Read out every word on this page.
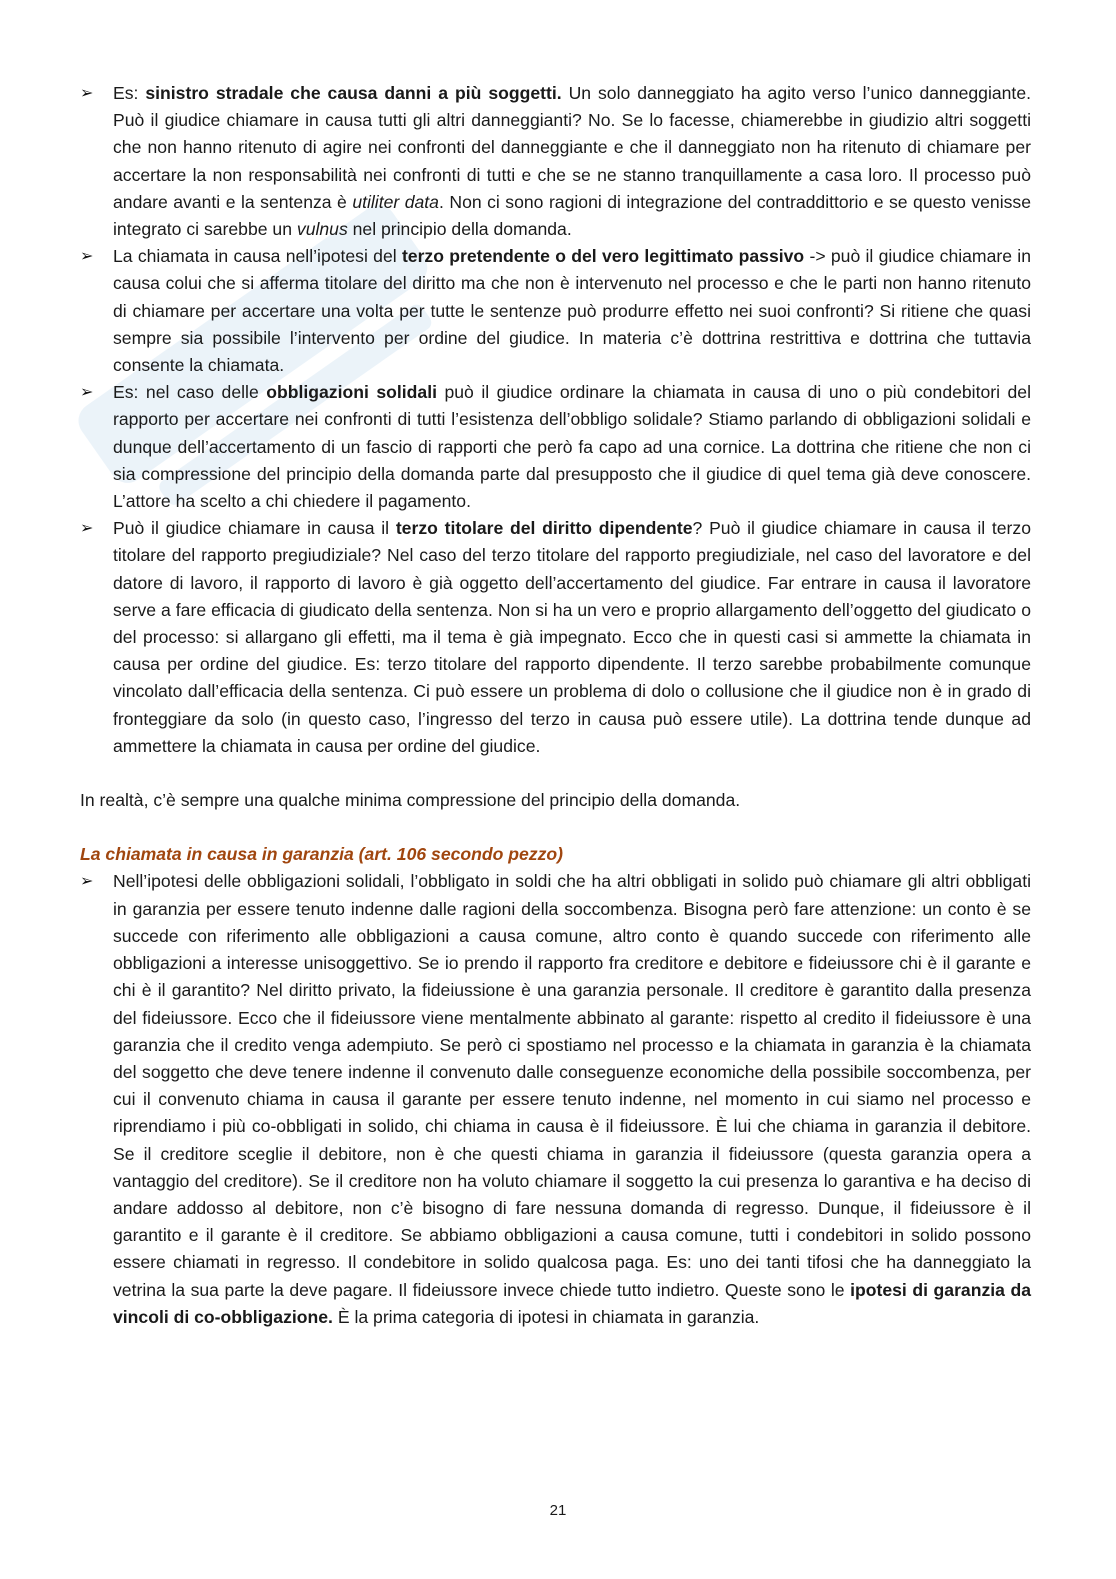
➢ Es: sinistro stradale che causa danni a più soggetti. Un solo danneggiato ha agito verso l’unico danneggiante. Può il giudice chiamare in causa tutti gli altri danneggianti? No. Se lo facesse, chiamerebbe in giudizio altri soggetti che non hanno ritenuto di agire nei confronti del danneggiante e che il danneggiato non ha ritenuto di chiamare per accertare la non responsabilità nei confronti di tutti e che se ne stanno tranquillamente a casa loro. Il processo può andare avanti e la sentenza è utiliter data. Non ci sono ragioni di integrazione del contraddittorio e se questo venisse integrato ci sarebbe un vulnus nel principio della domanda.
➢ La chiamata in causa nell’ipotesi del terzo pretendente o del vero legittimato passivo -> può il giudice chiamare in causa colui che si afferma titolare del diritto ma che non è intervenuto nel processo e che le parti non hanno ritenuto di chiamare per accertare una volta per tutte le sentenze può produrre effetto nei suoi confronti? Si ritiene che quasi sempre sia possibile l’intervento per ordine del giudice. In materia c’è dottrina restrittiva e dottrina che tuttavia consente la chiamata.
➢ Es: nel caso delle obbligazioni solidali può il giudice ordinare la chiamata in causa di uno o più condebitori del rapporto per accertare nei confronti di tutti l’esistenza dell’obbligo solidale? Stiamo parlando di obbligazioni solidali e dunque dell’accertamento di un fascio di rapporti che però fa capo ad una cornice. La dottrina che ritiene che non ci sia compressione del principio della domanda parte dal presupposto che il giudice di quel tema già deve conoscere. L’attore ha scelto a chi chiedere il pagamento.
➢ Può il giudice chiamare in causa il terzo titolare del diritto dipendente? Può il giudice chiamare in causa il terzo titolare del rapporto pregiudiziale? Nel caso del terzo titolare del rapporto pregiudiziale, nel caso del lavoratore e del datore di lavoro, il rapporto di lavoro è già oggetto dell’accertamento del giudice. Far entrare in causa il lavoratore serve a fare efficacia di giudicato della sentenza. Non si ha un vero e proprio allargamento dell’oggetto del giudicato o del processo: si allargano gli effetti, ma il tema è già impegnato. Ecco che in questi casi si ammette la chiamata in causa per ordine del giudice. Es: terzo titolare del rapporto dipendente. Il terzo sarebbe probabilmente comunque vincolato dall’efficacia della sentenza. Ci può essere un problema di dolo o collusione che il giudice non è in grado di fronteggiare da solo (in questo caso, l’ingresso del terzo in causa può essere utile). La dottrina tende dunque ad ammettere la chiamata in causa per ordine del giudice.
In realtà, c’è sempre una qualche minima compressione del principio della domanda.
La chiamata in causa in garanzia (art. 106 secondo pezzo)
➢ Nell’ipotesi delle obbligazioni solidali, l’obbligato in soldi che ha altri obbligati in solido può chiamare gli altri obbligati in garanzia per essere tenuto indenne dalle ragioni della soccombenza. Bisogna però fare attenzione: un conto è se succede con riferimento alle obbligazioni a causa comune, altro conto è quando succede con riferimento alle obbligazioni a interesse unisoggettivo. Se io prendo il rapporto fra creditore e debitore e fideiussore chi è il garante e chi è il garantito? Nel diritto privato, la fideiussione è una garanzia personale. Il creditore è garantito dalla presenza del fideiussore. Ecco che il fideiussore viene mentalmente abbinato al garante: rispetto al credito il fideiussore è una garanzia che il credito venga adempiuto. Se però ci spostiamo nel processo e la chiamata in garanzia è la chiamata del soggetto che deve tenere indenne il convenuto dalle conseguenze economiche della possibile soccombenza, per cui il convenuto chiama in causa il garante per essere tenuto indenne, nel momento in cui siamo nel processo e riprendiamo i più co-obbligati in solido, chi chiama in causa è il fideiussore. È lui che chiama in garanzia il debitore. Se il creditore sceglie il debitore, non è che questi chiama in garanzia il fideiussore (questa garanzia opera a vantaggio del creditore). Se il creditore non ha voluto chiamare il soggetto la cui presenza lo garantiva e ha deciso di andare addosso al debitore, non c’è bisogno di fare nessuna domanda di regresso. Dunque, il fideiussore è il garantito e il garante è il creditore. Se abbiamo obbligazioni a causa comune, tutti i condebitori in solido possono essere chiamati in regresso. Il condebitore in solido qualcosa paga. Es: uno dei tanti tifosi che ha danneggiato la vetrina la sua parte la deve pagare. Il fideiussore invece chiede tutto indietro. Queste sono le ipotesi di garanzia da vincoli di co-obbligazione. È la prima categoria di ipotesi in chiamata in garanzia.
21
